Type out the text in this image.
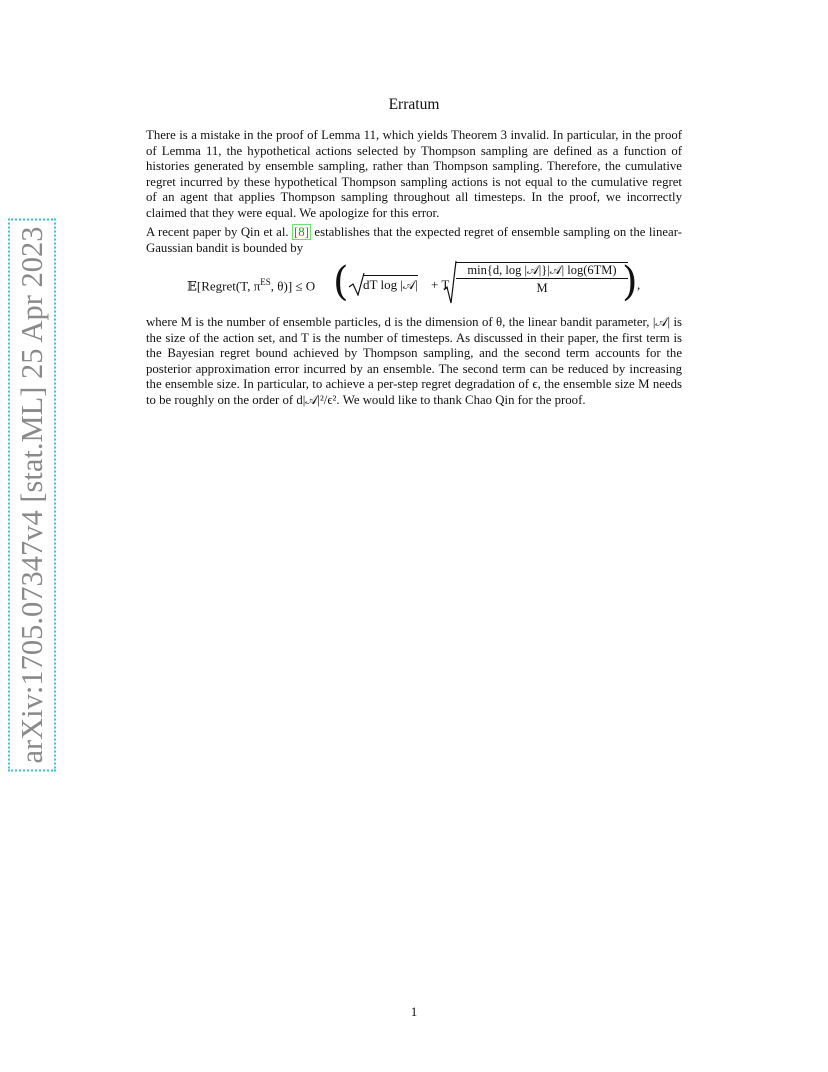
arXiv:1705.07347v4 [stat.ML] 25 Apr 2023
Erratum

There is a mistake in the proof of Lemma 11, which yields Theorem 3 invalid. In particular, in the proof of Lemma 11, the hypothetical actions selected by Thompson sampling are defined as a function of histories generated by ensemble sampling, rather than Thompson sampling. Therefore, the cumulative regret incurred by these hypothetical Thompson sampling actions is not equal to the cumulative regret of an agent that applies Thompson sampling throughout all timesteps. In the proof, we incorrectly claimed that they were equal. We apologize for this error.

A recent paper by Qin et al. [8] establishes that the expected regret of ensemble sampling on the linear-Gaussian bandit is bounded by

𝔼[Regret(T, $\pi^{ES}$, θ)] ≤ O ( dT log |𝒜| + T
min{d, log |𝒜|}|𝒜| log(6TM)
M	) ,

where M is the number of ensemble particles, d is the dimension of θ, the linear bandit parameter, |𝒜| is the size of the action set, and T is the number of timesteps. As discussed in their paper, the first term is the Bayesian regret bound achieved by Thompson sampling, and the second term accounts for the posterior approximation error incurred by an ensemble. The second term can be reduced by increasing the ensemble size. In particular, to achieve a per-step regret degradation of ϵ, the ensemble size M needs to be roughly on the order of d|𝒜|²/ϵ². We would like to thank Chao Qin for the proof.

1
